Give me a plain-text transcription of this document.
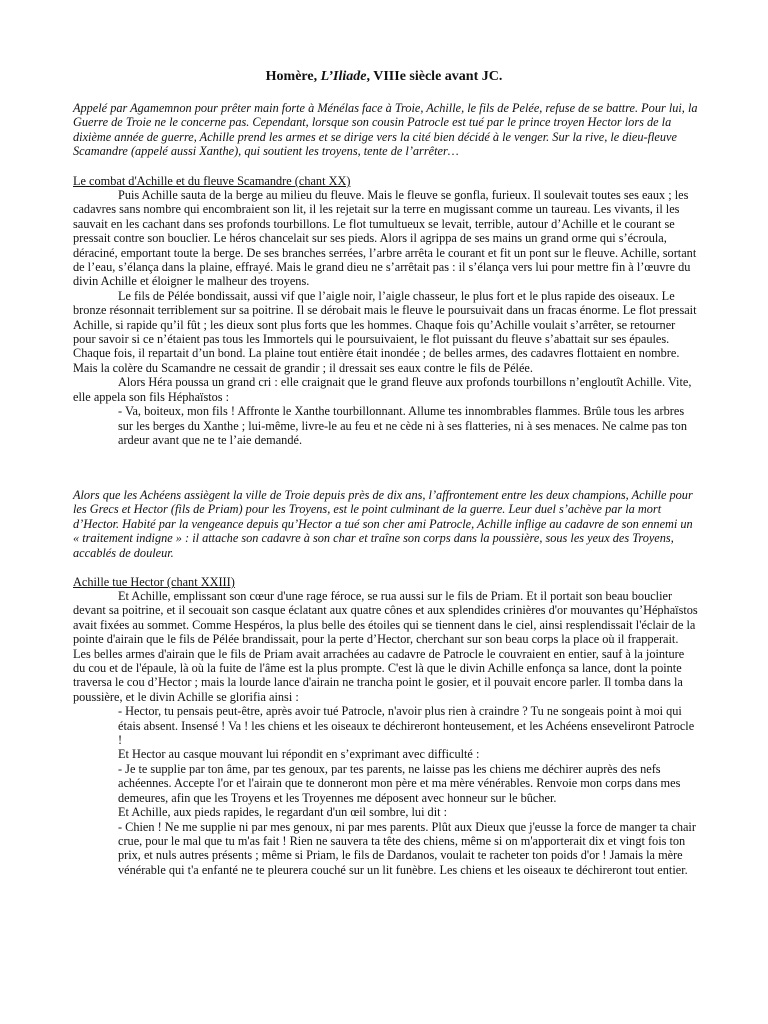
Homère, L’Iliade, VIIIe siècle avant JC.

Appelé par Agamemnon pour prêter main forte à Ménélas face à Troie, Achille, le fils de Pelée, refuse de se battre. Pour lui, la Guerre de Troie ne le concerne pas. Cependant, lorsque son cousin Patrocle est tué par le prince troyen Hector lors de la dixième année de guerre, Achille prend les armes et se dirige vers la cité bien décidé à le venger. Sur la rive, le dieu-fleuve Scamandre (appelé aussi Xanthe), qui soutient les troyens, tente de l’arrêter…

Le combat d'Achille et du fleuve Scamandre (chant XX)

Puis Achille sauta de la berge au milieu du fleuve. Mais le fleuve se gonfla, furieux. Il soulevait toutes ses eaux ; les cadavres sans nombre qui encombraient son lit, il les rejetait sur la terre en mugissant comme un taureau. Les vivants, il les sauvait en les cachant dans ses profonds tourbillons. Le flot tumultueux se levait, terrible, autour d’Achille et le courant se pressait contre son bouclier. Le héros chancelait sur ses pieds. Alors il agrippa de ses mains un grand orme qui s’écroula, déraciné, emportant toute la berge. De ses branches serrées, l’arbre arrêta le courant et fit un pont sur le fleuve. Achille, sortant de l’eau, s’élança dans la plaine, effrayé. Mais le grand dieu ne s’arrêtait pas : il s’élança vers lui pour mettre fin à l’œuvre du divin Achille et éloigner le malheur des troyens.

Le fils de Pélée bondissait, aussi vif que l’aigle noir, l’aigle chasseur, le plus fort et le plus rapide des oiseaux. Le bronze résonnait terriblement sur sa poitrine. Il se dérobait mais le fleuve le poursuivait dans un fracas énorme. Le flot pressait Achille, si rapide qu’il fût ; les dieux sont plus forts que les hommes. Chaque fois qu’Achille voulait s’arrêter, se retourner pour savoir si ce n’étaient pas tous les Immortels qui le poursuivaient, le flot puissant du fleuve s’abattait sur ses épaules. Chaque fois, il repartait d’un bond. La plaine tout entière était inondée ; de belles armes, des cadavres flottaient en nombre. Mais la colère du Scamandre ne cessait de grandir ; il dressait ses eaux contre le fils de Pélée.

Alors Héra poussa un grand cri : elle craignait que le grand fleuve aux profonds tourbillons n’engloutît Achille. Vite, elle appela son fils Héphaïstos :

- Va, boiteux, mon fils ! Affronte le Xanthe tourbillonnant. Allume tes innombrables flammes. Brûle tous les arbres sur les berges du Xanthe ; lui-même, livre-le au feu et ne cède ni à ses flatteries, ni à ses menaces. Ne calme pas ton ardeur avant que ne te l’aie demandé.

Alors que les Achéens assiègent la ville de Troie depuis près de dix ans, l’affrontement entre les deux champions, Achille pour les Grecs et Hector (fils de Priam) pour les Troyens, est le point culminant de la guerre. Leur duel s’achève par la mort d’Hector. Habité par la vengeance depuis qu’Hector a tué son cher ami Patrocle, Achille inflige au cadavre de son ennemi un « traitement indigne » : il attache son cadavre à son char et traîne son corps dans la poussière, sous les yeux des Troyens, accablés de douleur.

Achille tue Hector (chant XXIII)

Et Achille, emplissant son cœur d'une rage féroce, se rua aussi sur le fils de Priam. Et il portait son beau bouclier devant sa poitrine, et il secouait son casque éclatant aux quatre cônes et aux splendides crinières d'or mouvantes qu’Héphaïstos avait fixées au sommet. Comme Hespéros, la plus belle des étoiles qui se tiennent dans le ciel, ainsi resplendissait l'éclair de la pointe d'airain que le fils de Pélée brandissait, pour la perte d’Hector, cherchant sur son beau corps la place où il frapperait. Les belles armes d'airain que le fils de Priam avait arrachées au cadavre de Patrocle le couvraient en entier, sauf à la jointure du cou et de l'épaule, là où la fuite de l'âme est la plus prompte. C'est là que le divin Achille enfonça sa lance, dont la pointe traversa le cou d’Hector ; mais la lourde lance d'airain ne trancha point le gosier, et il pouvait encore parler. Il tomba dans la poussière, et le divin Achille se glorifia ainsi :

- Hector, tu pensais peut-être, après avoir tué Patrocle, n'avoir plus rien à craindre ? Tu ne songeais point à moi qui étais absent. Insensé ! Va ! les chiens et les oiseaux te déchireront honteusement, et les Achéens enseveliront Patrocle !

Et Hector au casque mouvant lui répondit en s’exprimant avec difficulté :

- Je te supplie par ton âme, par tes genoux, par tes parents, ne laisse pas les chiens me déchirer auprès des nefs achéennes. Accepte l'or et l'airain que te donneront mon père et ma mère vénérables. Renvoie mon corps dans mes demeures, afin que les Troyens et les Troyennes me déposent avec honneur sur le bûcher.

Et Achille, aux pieds rapides, le regardant d'un œil sombre, lui dit :

- Chien ! Ne me supplie ni par mes genoux, ni par mes parents. Plût aux Dieux que j'eusse la force de manger ta chair crue, pour le mal que tu m'as fait ! Rien ne sauvera ta tête des chiens, même si on m'apporterait dix et vingt fois ton prix, et nuls autres présents ; même si Priam, le fils de Dardanos, voulait te racheter ton poids d'or ! Jamais la mère vénérable qui t'a enfanté ne te pleurera couché sur un lit funèbre. Les chiens et les oiseaux te déchireront tout entier.
